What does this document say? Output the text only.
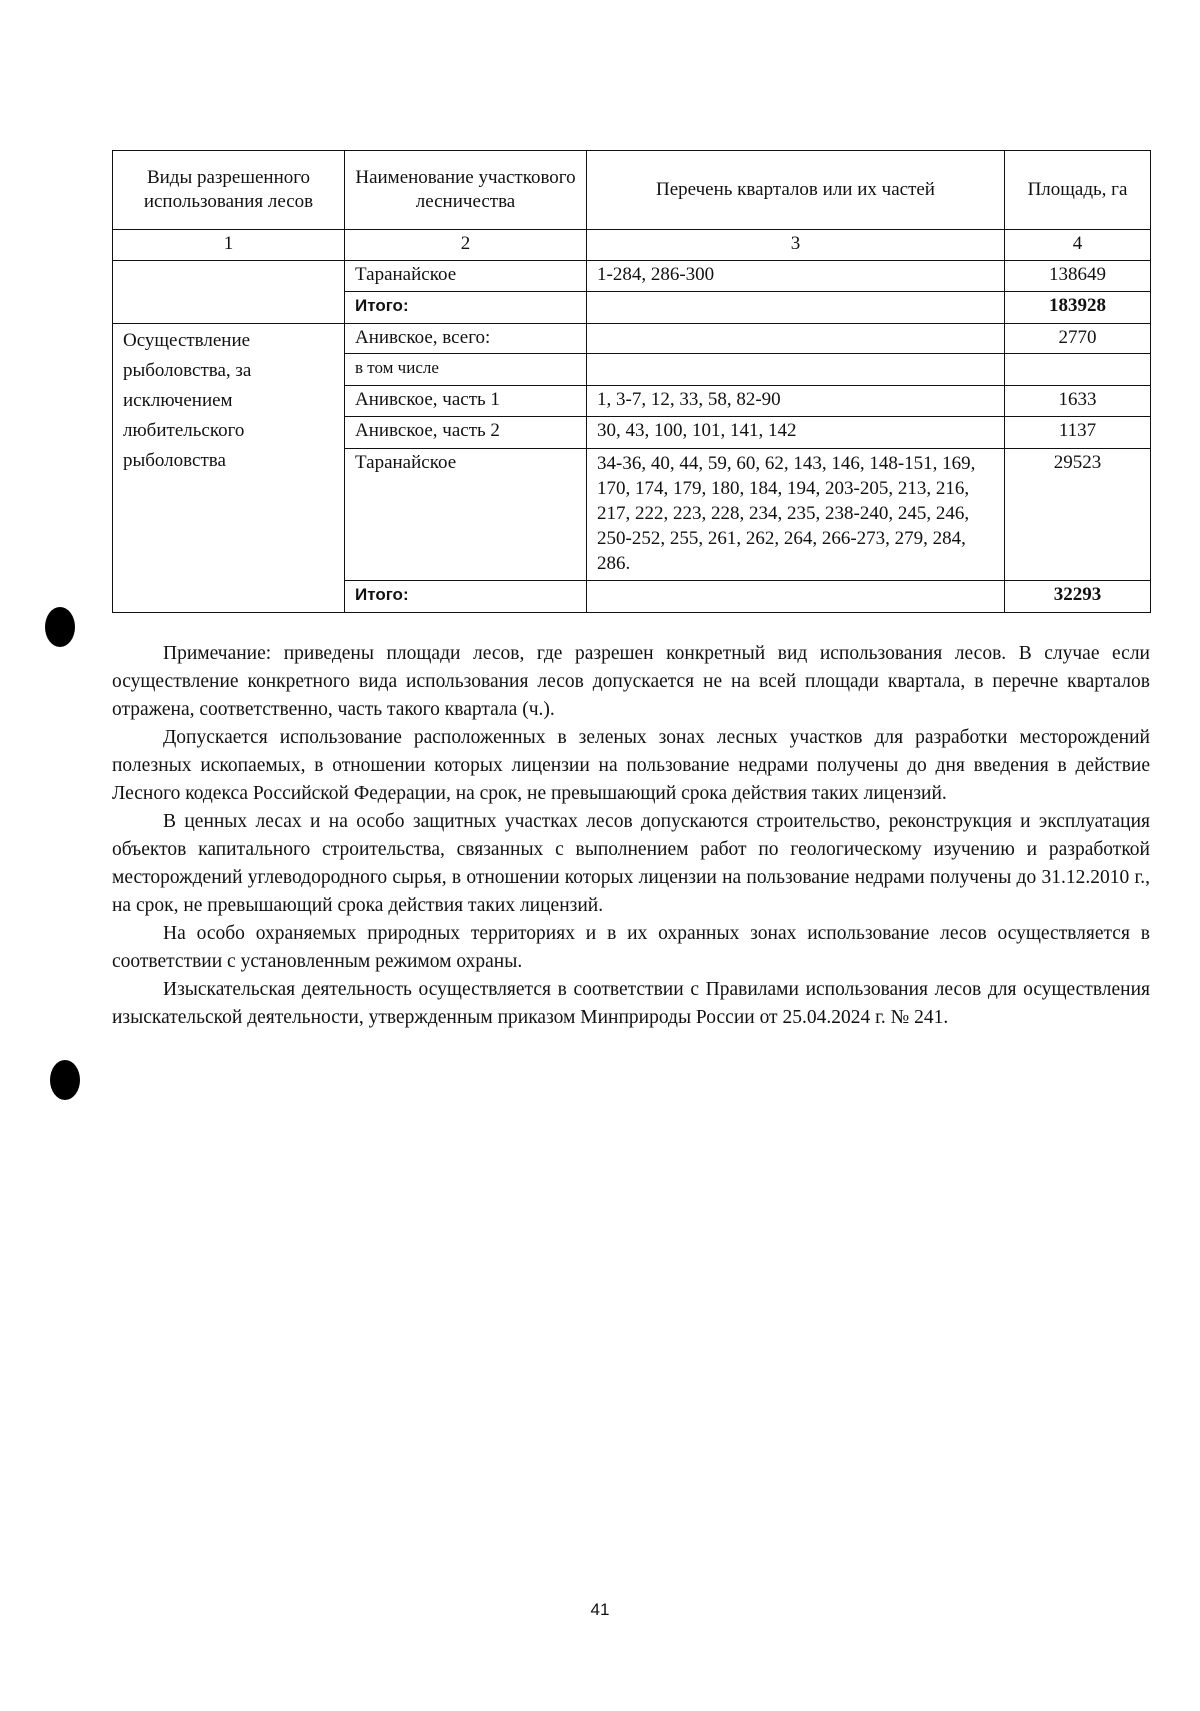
Виды разрешенного использования лесов	Наименование участкового лесничества	Перечень кварталов или их частей	Площадь, га
1	2	3	4
	Таранайское	1-284, 286-300	138649
	Итого:		183928
Осуществление рыболовства, за исключением любительского рыболовства	Анивское, всего:		2770
	в том числе		
	Анивское, часть 1	1, 3-7, 12, 33, 58, 82-90	1633
	Анивское, часть 2	30, 43, 100, 101, 141, 142	1137
	Таранайское	34-36, 40, 44, 59, 60, 62, 143, 146, 148-151, 169, 170, 174, 179, 180, 184, 194, 203-205, 213, 216, 217, 222, 223, 228, 234, 235, 238-240, 245, 246, 250-252, 255, 261, 262, 264, 266-273, 279, 284, 286.	29523
	Итого:		32293

Примечание: приведены площади лесов, где разрешен конкретный вид использования лесов. В случае если осуществление конкретного вида использования лесов допускается не на всей площади квартала, в перечне кварталов отражена, соответственно, часть такого квартала (ч.).

Допускается использование расположенных в зеленых зонах лесных участков для разработки месторождений полезных ископаемых, в отношении которых лицензии на пользование недрами получены до дня введения в действие Лесного кодекса Российской Федерации, на срок, не превышающий срока действия таких лицензий.

В ценных лесах и на особо защитных участках лесов допускаются строительство, реконструкция и эксплуатация объектов капитального строительства, связанных с выполнением работ по геологическому изучению и разработкой месторождений углеводородного сырья, в отношении которых лицензии на пользование недрами получены до 31.12.2010 г., на срок, не превышающий срока действия таких лицензий.

На особо охраняемых природных территориях и в их охранных зонах использование лесов осуществляется в соответствии с установленным режимом охраны.

Изыскательская деятельность осуществляется в соответствии с Правилами использования лесов для осуществления изыскательской деятельности, утвержденным приказом Минприроды России от 25.04.2024 г. № 241.

41
